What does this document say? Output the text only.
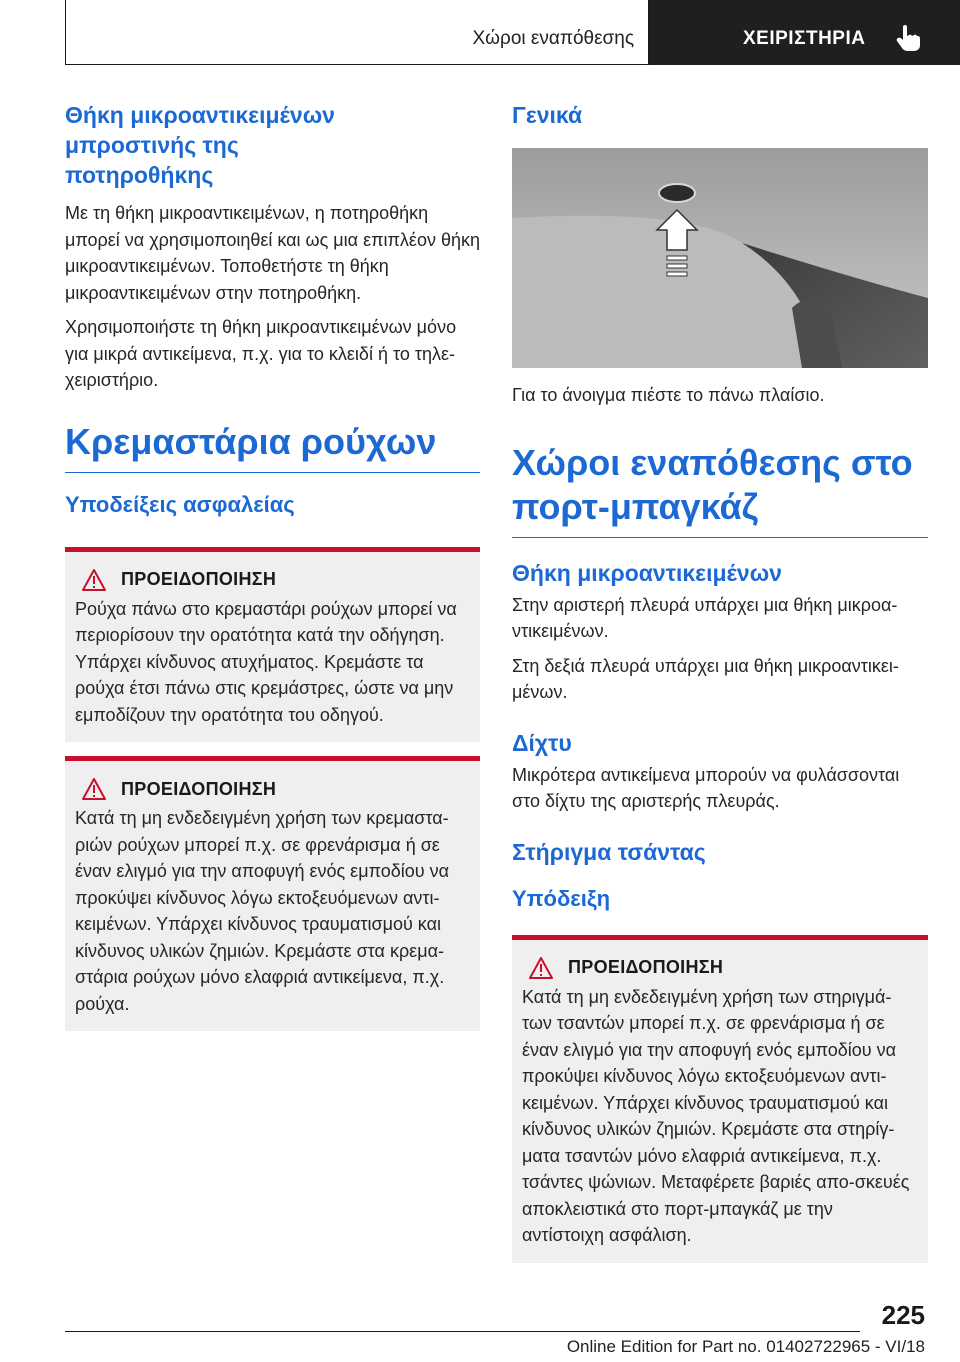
Χώροι εναπόθεσης	ΧΕΙΡΙΣΤΗΡΙΑ
Θήκη μικροαντικειμένων μπροστινής της ποτηροθήκης
Με τη θήκη μικροαντικειμένων, η ποτηροθήκη μπορεί να χρησιμοποιηθεί και ως μια επιπλέον θήκη μικροαντικειμένων. Τοποθετήστε τη θήκη μικροαντικειμένων στην ποτηροθήκη.
Χρησιμοποιήστε τη θήκη μικροαντικειμένων μόνο για μικρά αντικείμενα, π.χ. για το κλειδί ή το τηλε-χειριστήριο.
Κρεμαστάρια ρούχων
Υποδείξεις ασφαλείας
ΠΡΟΕΙΔΟΠΟΙΗΣΗ
Ρούχα πάνω στο κρεμαστάρι ρούχων μπορεί να περιορίσουν την ορατότητα κατά την οδήγηση. Υπάρχει κίνδυνος ατυχήματος. Κρεμάστε τα ρούχα έτσι πάνω στις κρεμάστρες, ώστε να μην εμποδίζουν την ορατότητα του οδηγού.
ΠΡΟΕΙΔΟΠΟΙΗΣΗ
Κατά τη μη ενδεδειγμένη χρήση των κρεμαστα-ριών ρούχων μπορεί π.χ. σε φρενάρισμα ή σε έναν ελιγμό για την αποφυγή ενός εμποδίου να προκύψει κίνδυνος λόγω εκτοξευόμενων αντι-κειμένων. Υπάρχει κίνδυνος τραυματισμού και κίνδυνος υλικών ζημιών. Κρεμάστε στα κρεμα-στάρια ρούχων μόνο ελαφριά αντικείμενα, π.χ. ρούχα.
Γενικά
Για το άνοιγμα πιέστε το πάνω πλαίσιο.
Χώροι εναπόθεσης στο πορτ-μπαγκάζ
Θήκη μικροαντικειμένων
Στην αριστερή πλευρά υπάρχει μια θήκη μικροα-ντικειμένων.
Στη δεξιά πλευρά υπάρχει μια θήκη μικροαντικει-μένων.
Δίχτυ
Μικρότερα αντικείμενα μπορούν να φυλάσσονται στο δίχτυ της αριστερής πλευράς.
Στήριγμα τσάντας
Υπόδειξη
ΠΡΟΕΙΔΟΠΟΙΗΣΗ
Κατά τη μη ενδεδειγμένη χρήση των στηριγμά-των τσαντών μπορεί π.χ. σε φρενάρισμα ή σε έναν ελιγμό για την αποφυγή ενός εμποδίου να προκύψει κίνδυνος λόγω εκτοξευόμενων αντι-κειμένων. Υπάρχει κίνδυνος τραυματισμού και κίνδυνος υλικών ζημιών. Κρεμάστε στα στηρίγ-ματα τσαντών μόνο ελαφριά αντικείμενα, π.χ. τσάντες ψώνιων. Μεταφέρετε βαριές απο-σκευές αποκλειστικά στο πορτ-μπαγκάζ με την αντίστοιχη ασφάλιση.
225
Online Edition for Part no. 01402722965 - VI/18
